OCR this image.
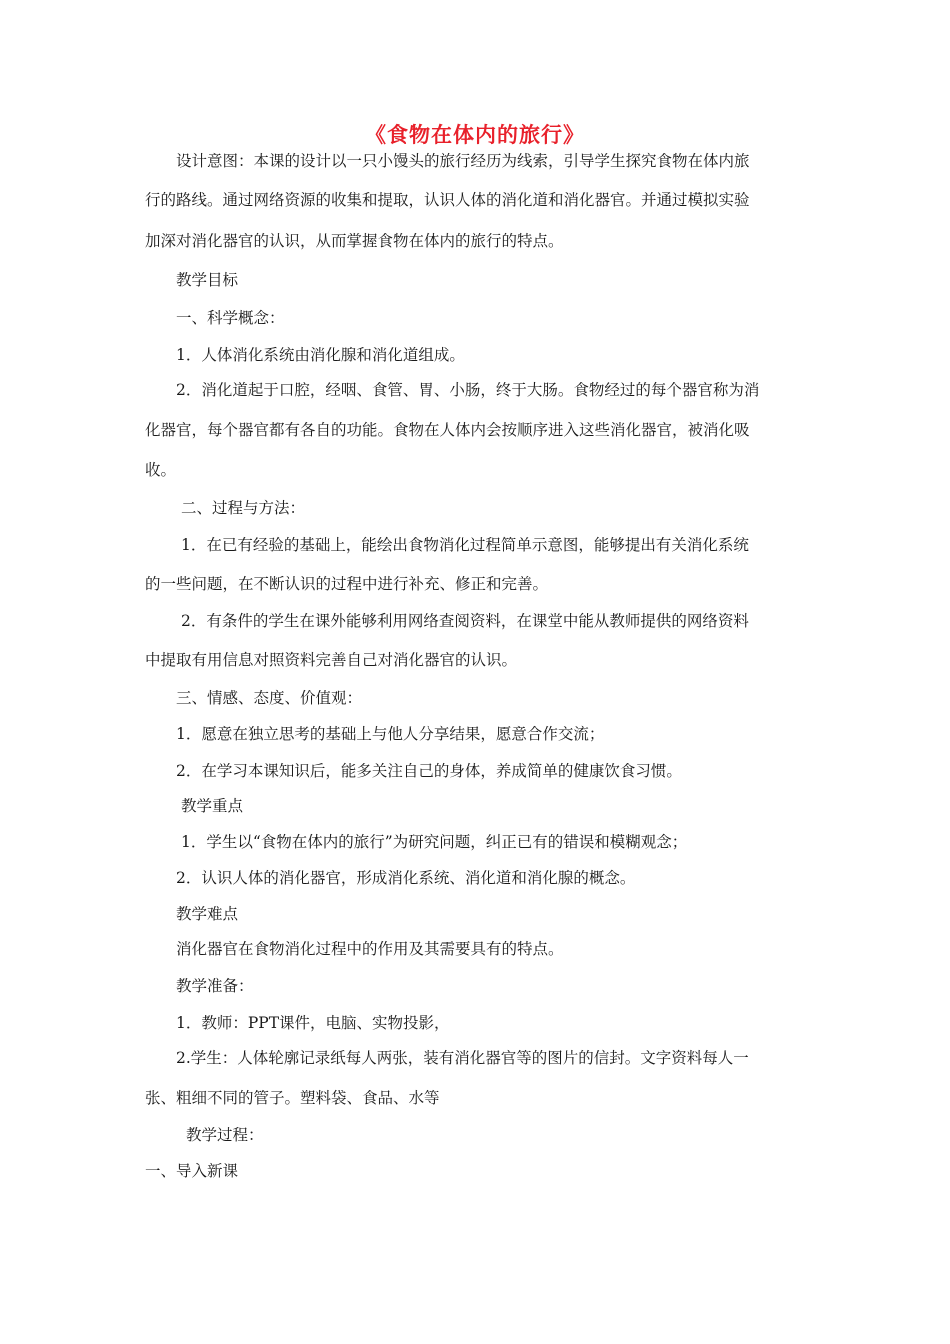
《食物在体内的旅行》
设计意图：本课的设计以一只小馒头的旅行经历为线索，引导学生探究食物在体内旅
行的路线。通过网络资源的收集和提取，认识人体的消化道和消化器官。并通过模拟实验
加深对消化器官的认识，从而掌握食物在体内的旅行的特点。
教学目标
一、科学概念：
1．人体消化系统由消化腺和消化道组成。
2．消化道起于口腔，经咽、食管、胃、小肠，终于大肠。食物经过的每个器官称为消
化器官，每个器官都有各自的功能。食物在人体内会按顺序进入这些消化器官，被消化吸
收。
二、过程与方法：
1．在已有经验的基础上，能绘出食物消化过程简单示意图，能够提出有关消化系统
的一些问题，在不断认识的过程中进行补充、修正和完善。
2．有条件的学生在课外能够利用网络查阅资料，在课堂中能从教师提供的网络资料
中提取有用信息对照资料完善自己对消化器官的认识。
三、情感、态度、价值观：
1．愿意在独立思考的基础上与他人分享结果，愿意合作交流；
2．在学习本课知识后，能多关注自己的身体，养成简单的健康饮食习惯。
教学重点
1．学生以“食物在体内的旅行”为研究问题，纠正已有的错误和模糊观念；
2．认识人体的消化器官，形成消化系统、消化道和消化腺的概念。
教学难点
消化器官在食物消化过程中的作用及其需要具有的特点。
教学准备：
1．教师：PPT课件，电脑、实物投影，
2.学生：人体轮廓记录纸每人两张，装有消化器官等的图片的信封。文字资料每人一
张、粗细不同的管子。塑料袋、食品、水等
教学过程：
一、导入新课
